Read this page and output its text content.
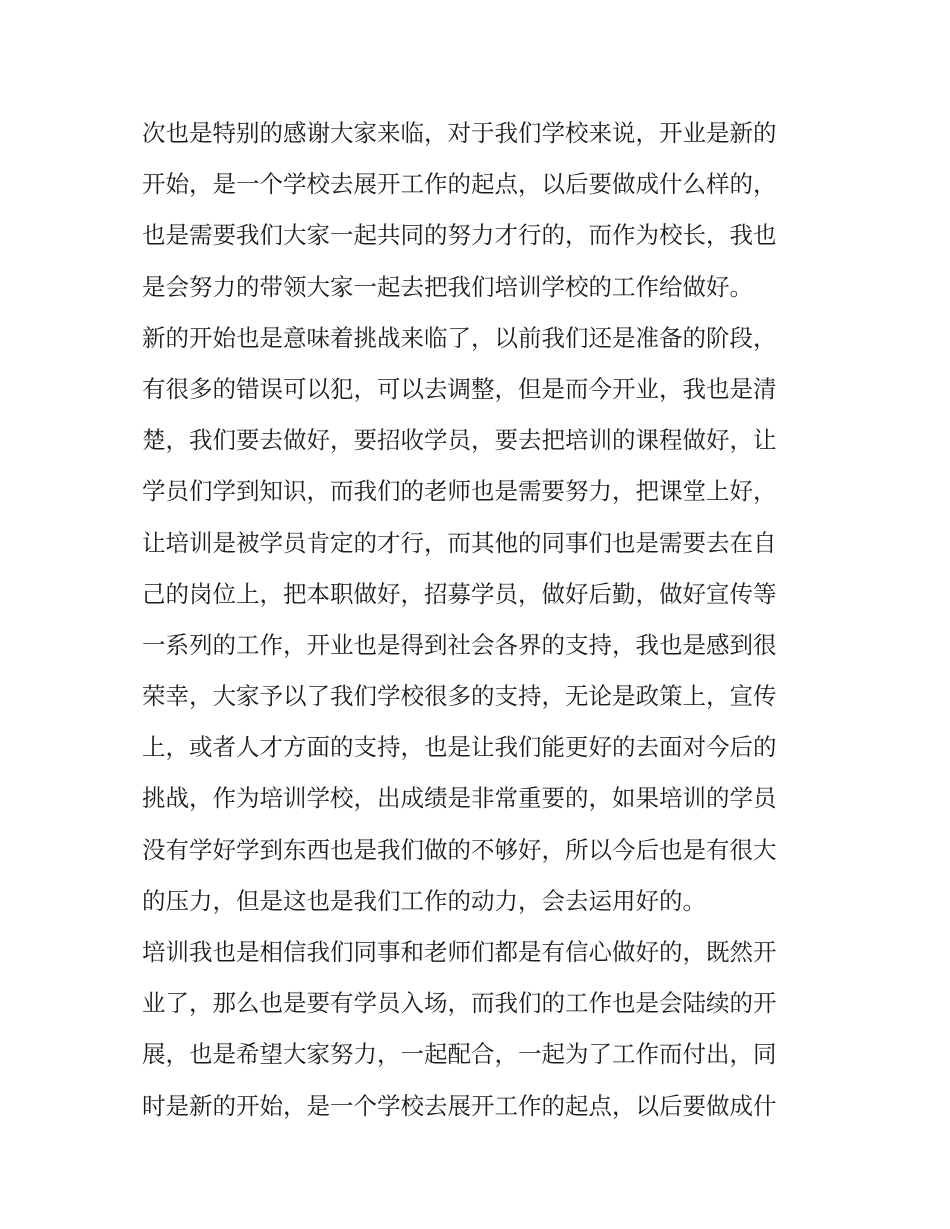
次也是特别的感谢大家来临，对于我们学校来说，开业是新的
开始，是一个学校去展开工作的起点，以后要做成什么样的，
也是需要我们大家一起共同的努力才行的，而作为校长，我也
是会努力的带领大家一起去把我们培训学校的工作给做好。
新的开始也是意味着挑战来临了，以前我们还是准备的阶段，
有很多的错误可以犯，可以去调整，但是而今开业，我也是清
楚，我们要去做好，要招收学员，要去把培训的课程做好，让
学员们学到知识，而我们的老师也是需要努力，把课堂上好，
让培训是被学员肯定的才行，而其他的同事们也是需要去在自
己的岗位上，把本职做好，招募学员，做好后勤，做好宣传等
一系列的工作，开业也是得到社会各界的支持，我也是感到很
荣幸，大家予以了我们学校很多的支持，无论是政策上，宣传
上，或者人才方面的支持，也是让我们能更好的去面对今后的
挑战，作为培训学校，出成绩是非常重要的，如果培训的学员
没有学好学到东西也是我们做的不够好，所以今后也是有很大
的压力，但是这也是我们工作的动力，会去运用好的。
培训我也是相信我们同事和老师们都是有信心做好的，既然开
业了，那么也是要有学员入场，而我们的工作也是会陆续的开
展，也是希望大家努力，一起配合，一起为了工作而付出，同
时是新的开始，是一个学校去展开工作的起点，以后要做成什
